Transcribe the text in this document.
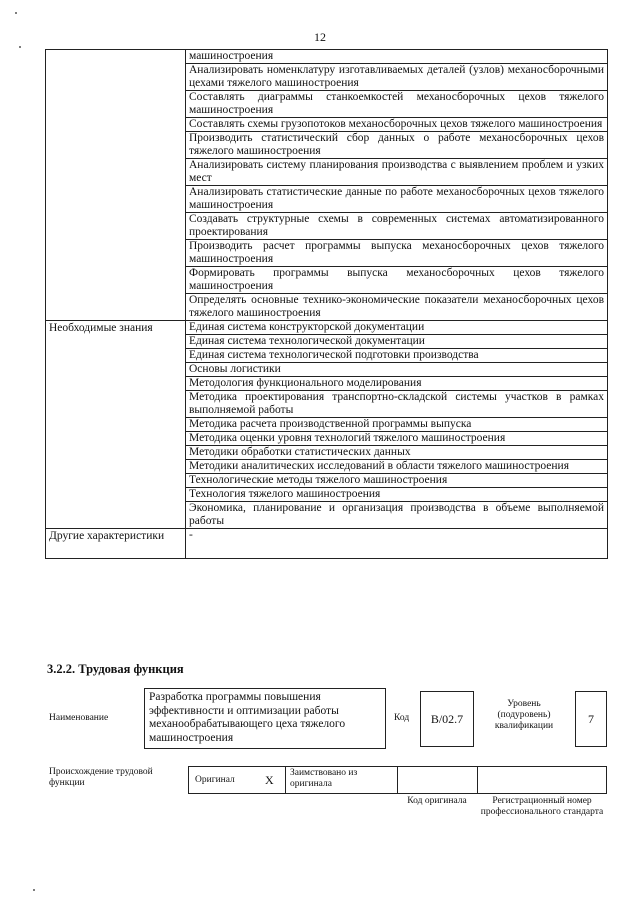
12
	машиностроения
	Анализировать номенклатуру изготавливаемых деталей (узлов) механосборочными цехами тяжелого машиностроения
	Составлять диаграммы станкоемкостей механосборочных цехов тяжелого машиностроения
	Составлять схемы грузопотоков механосборочных цехов тяжелого машиностроения
	Производить статистический сбор данных о работе механосборочных цехов тяжелого машиностроения
	Анализировать систему планирования производства с выявлением проблем и узких мест
	Анализировать статистические данные по работе механосборочных цехов тяжелого машиностроения
	Создавать структурные схемы в современных системах автоматизированного проектирования
	Производить расчет программы выпуска механосборочных цехов тяжелого машиностроения
	Формировать программы выпуска механосборочных цехов тяжелого машиностроения
	Определять основные технико-экономические показатели механосборочных цехов тяжелого машиностроения
Необходимые знания	Единая система конструкторской документации
	Единая система технологической документации
	Единая система технологической подготовки производства
	Основы логистики
	Методология функционального моделирования
	Методика проектирования транспортно-складской системы участков в рамках выполняемой работы
	Методика расчета производственной программы выпуска
	Методика оценки уровня технологий тяжелого машиностроения
	Методики обработки статистических данных
	Методики аналитических исследований в области тяжелого машиностроения
	Технологические методы тяжелого машиностроения
	Технология тяжелого машиностроения
	Экономика, планирование и организация производства в объеме выполняемой работы
Другие характеристики	-
3.2.2. Трудовая функция
Наименование
Разработка программы повышения эффективности и оптимизации работы механообрабатывающего цеха тяжелого машиностроения
Код	B/02.7
Уровень (подуровень) квалификации
7
Происхождение трудовой функции	Оригинал	X Заимствовано из оригинала
Код оригинала	Регистрационный номер профессионального стандарта
